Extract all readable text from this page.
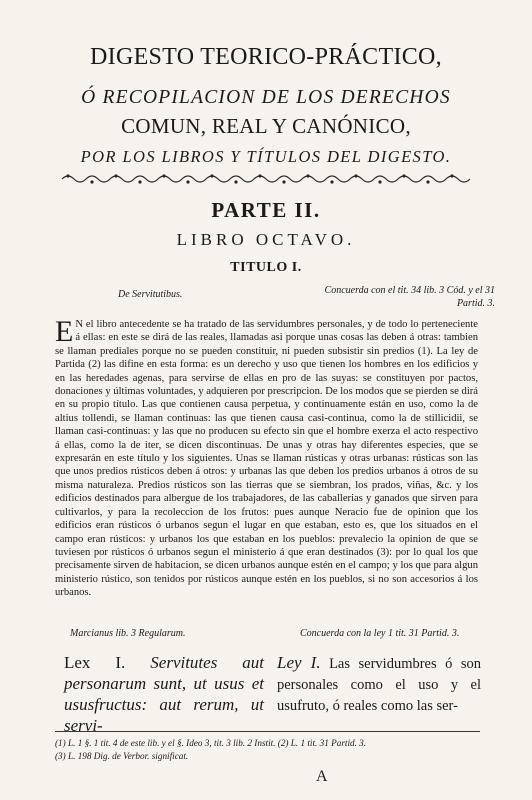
DIGESTO TEORICO-PRÁCTICO,
Ó RECOPILACION DE LOS DERECHOS
COMUN, REAL Y CANÓNICO,
POR LOS LIBROS Y TÍTULOS DEL DIGESTO.
PARTE II.
LIBRO OCTAVO.
TITULO I.
De Servitutibus.	Concuerda con el tit. 34 lib. 3 Cód. y el 31
Partid. 3.
E N el libro antecedente se ha tratado de las servidumbres personales, y de todo lo perteneciente á ellas: en este se dirá de las reales, llamadas asi porque unas cosas las deben á otras: tambien se llaman prediales porque no se pueden constituir, ni pueden subsistir sin predios (1). La ley de Partida (2) las difine en esta forma: es un derecho y uso que tienen los hombres en los edificios y en las heredades agenas, para servirse de ellas en pro de las suyas: se constituyen por pactos, donaciones y últimas voluntades, y adquieren por prescripcion. De los modos que se pierden se dirá en su propio título. Las que contienen causa perpetua, y continuamente están en uso, como la de altius tollendi, se llaman continuas: las que tienen causa casi-continua, como la de stillicidii, se llaman casi-continuas: y las que no producen su efecto sin que el hombre exerza el acto respectivo á ellas, como la de iter, se dicen discontinuas. De unas y otras hay diferentes especies, que se expresarán en este título y los siguientes. Unas se llaman rústicas y otras urbanas: rústicas son las que unos predios rústicos deben á otros: y urbanas las que deben los predios urbanos á otros de su misma naturaleza. Predios rústicos son las tierras que se siembran, los prados, viñas, &c. y los edificios destinados para albergue de los trabajadores, de las caballerias y ganados que sirven para cultivarlos, y para la recoleccion de los frutos: pues aunque Neracio fue de opinion que los edificios eran rústicos ó urbanos segun el lugar en que estaban, esto es, que los situados en el campo eran rústicos: y urbanos los que estaban en los pueblos: prevalecio la opinion de que se tuviesen por rústicos ó urbanos segun el ministerio á que eran destinados (3): por lo qual los que precisamente sirven de habitacion, se dicen urbanos aunque estén en el campo; y los que para algun ministerio rústico, son tenidos por rústicos aunque estén en los pueblos, si no son accesorios á los urbanos.
Marcianus lib. 3 Regularum.	Concuerda con la ley 1 tit. 31 Partid. 3.
Lex I. Servitutes aut personarum sunt, ut usus et ususfructus: aut rerum, ut servi-
Ley I. Las servidumbres ó son personales como el uso y el usufruto, ó reales como las ser-
(1) L. 1 §. 1 tit. 4 de este lib. y el §. Ideo 3, tit. 3 lib. 2 Instit. (2) L. 1 tit. 31 Partid. 3.
(3) L. 198 Dig. de Verbor. significat.
A
